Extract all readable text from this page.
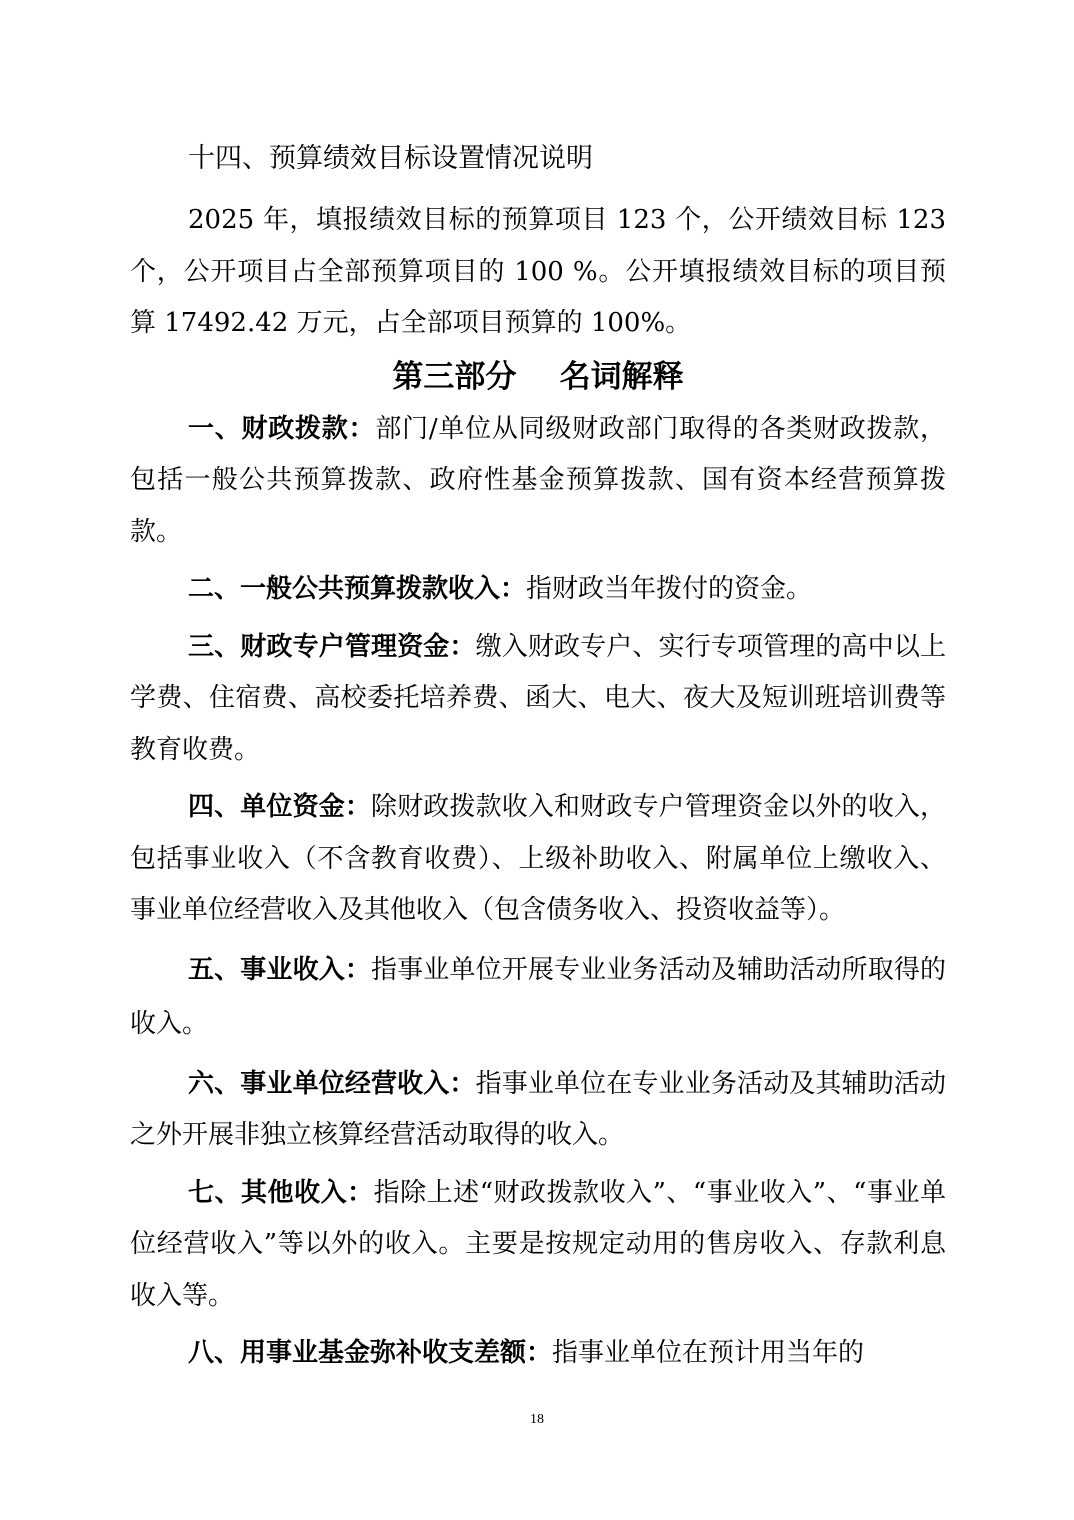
十四、预算绩效目标设置情况说明

2025 年，填报绩效目标的预算项目 123 个，公开绩效目标 123 个，公开项目占全部预算项目的 100 %。公开填报绩效目标的项目预算 17492.42 万元，占全部项目预算的 100%。

第三部分    名词解释

一、财政拨款：部门/单位从同级财政部门取得的各类财政拨款，包括一般公共预算拨款、政府性基金预算拨款、国有资本经营预算拨款。

二、一般公共预算拨款收入：指财政当年拨付的资金。

三、财政专户管理资金：缴入财政专户、实行专项管理的高中以上学费、住宿费、高校委托培养费、函大、电大、夜大及短训班培训费等教育收费。

四、单位资金：除财政拨款收入和财政专户管理资金以外的收入，包括事业收入（不含教育收费）、上级补助收入、附属单位上缴收入、事业单位经营收入及其他收入（包含债务收入、投资收益等）。

五、事业收入：指事业单位开展专业业务活动及辅助活动所取得的收入。

六、事业单位经营收入：指事业单位在专业业务活动及其辅助活动之外开展非独立核算经营活动取得的收入。

七、其他收入：指除上述“财政拨款收入”、“事业收入”、“事业单位经营收入”等以外的收入。主要是按规定动用的售房收入、存款利息收入等。

八、用事业基金弥补收支差额：指事业单位在预计用当年的

18
